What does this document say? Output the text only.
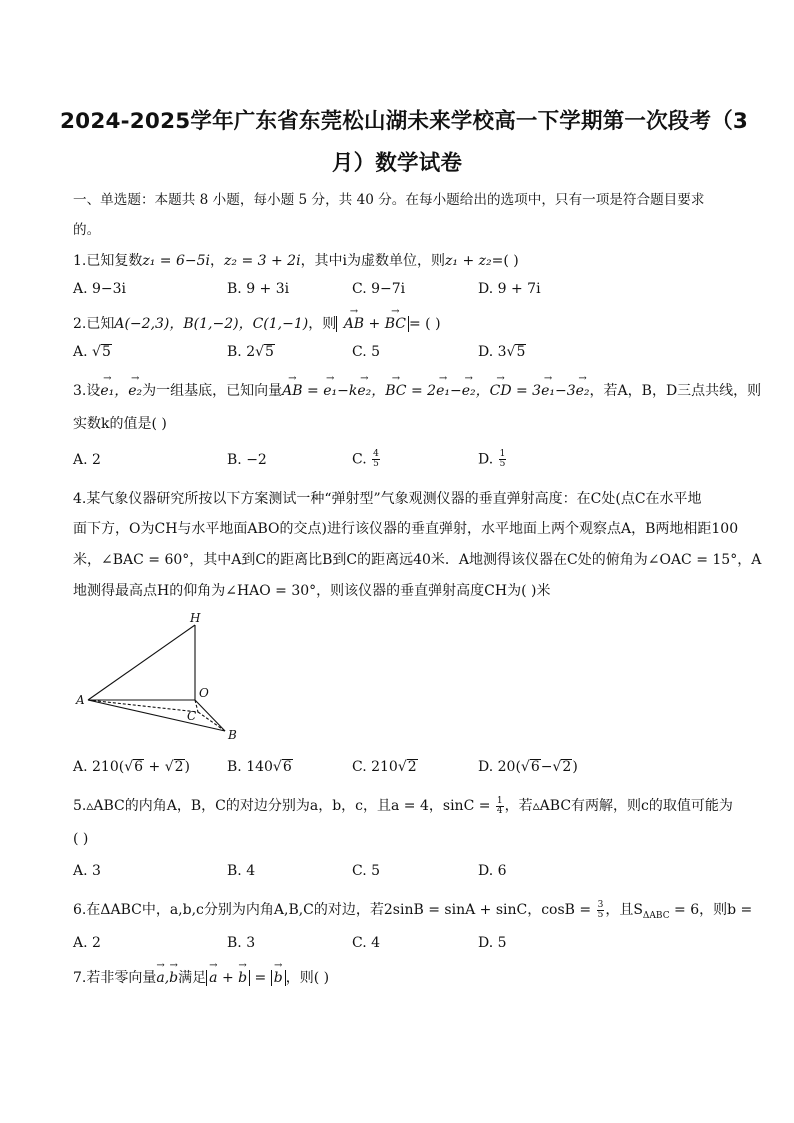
2024-2025学年广东省东莞松山湖未来学校高一下学期第一次段考（3
月）数学试卷
一、单选题：本题共 8 小题，每小题 5 分，共 40 分。在每小题给出的选项中，只有一项是符合题目要求
的。
1.已知复数z₁ = 6−5i，z₂ = 3 + 2i，其中i为虚数单位，则z₁ + z₂=( )
A. 9−3i	B. 9 + 3i	C. 9−7i	D. 9 + 7i
2.已知A(−2,3)，B(1,−2)，C(1,−1)，则 → AB + → BC = ( )
A. √5	B. 2√5	C. 5	D. 3√5
3.设→ e₁，→ e₂为一组基底，已知向量→ AB = → e₁−k→ e₂，→ BC = 2→ e₁−→ e₂，→ CD = 3→ e₁−3→ e₂，若A，B，D三点共线，则
实数k的值是( )
A. 2	B. −2	C. $\frac{4}{5}$	D. $\frac{1}{5}$
4.某气象仪器研究所按以下方案测试一种“弹射型”气象观测仪器的垂直弹射高度：在C处(点C在水平地
面下方，O为CH与水平地面ABO的交点)进行该仪器的垂直弹射，水平地面上两个观察点A，B两地相距100
米，∠BAC = 60°，其中A到C的距离比B到C的距离远40米．A地测得该仪器在C处的俯角为∠OAC = 15°，A
地测得最高点H的仰角为∠HAO = 30°，则该仪器的垂直弹射高度CH为( )米
H
A	O
C
B
A. 210(√6 + √2)	B. 140√6	C. 210√2	D. 20(√6−√2)
5.▵ABC的内角A，B，C的对边分别为a，b，c，且a = 4，$\sin C = \frac{1}{4}$ ，若▵ABC有两解，则c的取值可能为
( )
A. 3	B. 4	C. 5	D. 6
6.在ΔABC中，a,b,c分别为内角A,B,C的对边，若2sinB = sinA + sinC，$\cos B = \frac{3}{5}$ ，且$S_{\Delta ABC} = 6$，则b =
A. 2	B. 3	C. 4	D. 5
7.若非零向量→ a,→ b满足 → a + → b = → b ，则( )
